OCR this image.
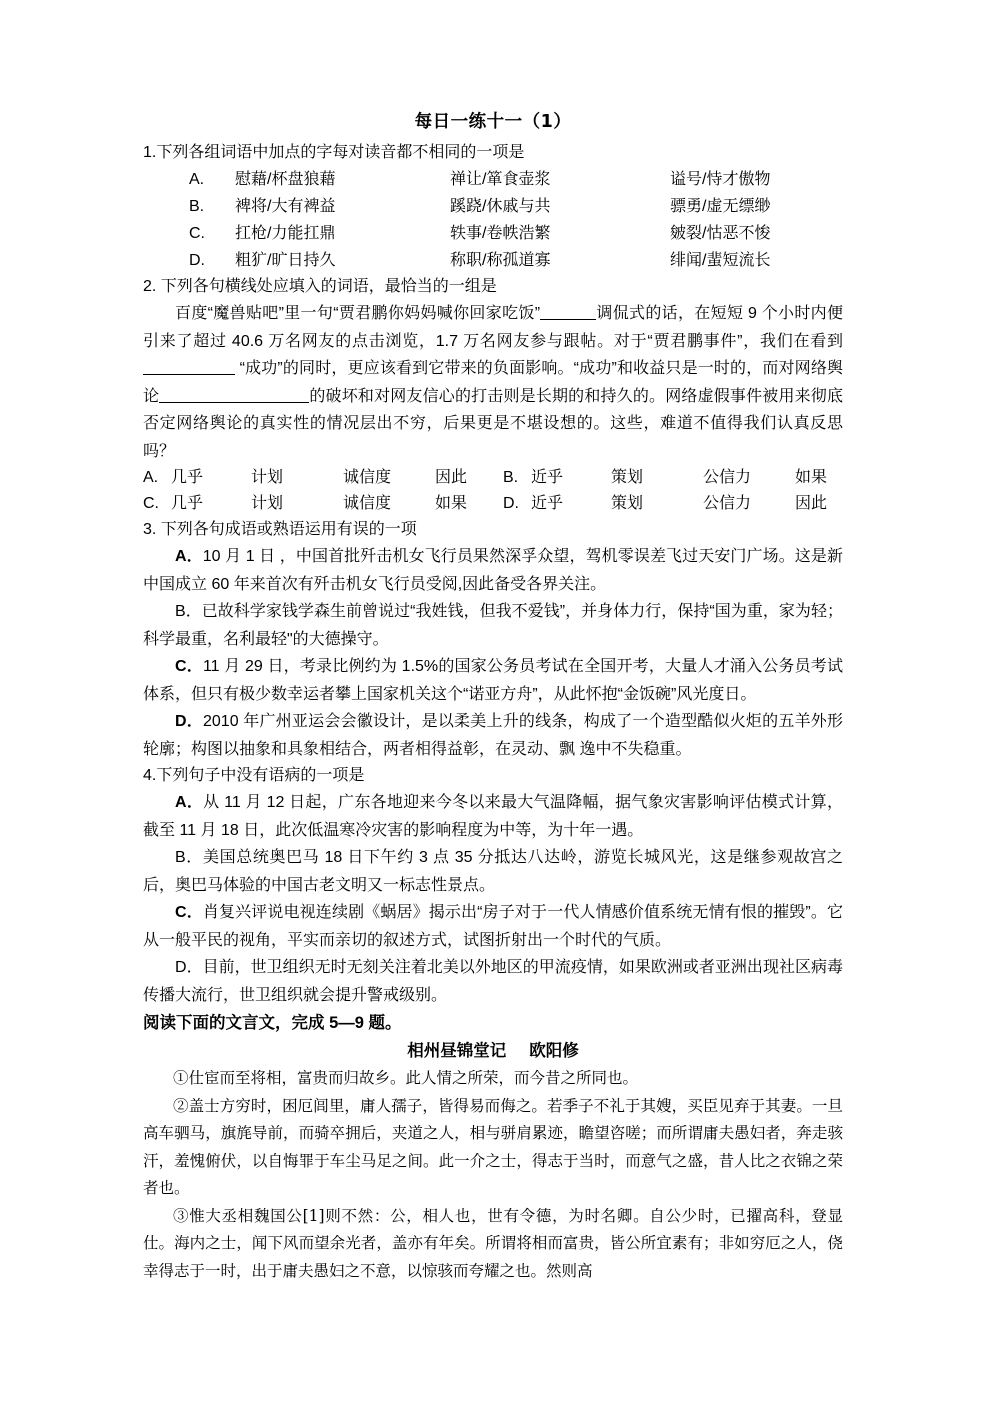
每日一练十一（1）
1.下列各组词语中加点的字每对读音都不相同的一项是
A.	慰藉/杯盘狼藉	禅让/箪食壶浆	谥号/恃才傲物
B.	裨将/大有裨益	蹊跷/休戚与共	骠勇/虚无缥缈
C.	扛枪/力能扛鼎	轶事/卷帙浩繁	皴裂/怙恶不悛
D.	粗犷/旷日持久	称职/称孤道寡	绯闻/蜚短流长
2. 下列各句横线处应填入的词语，最恰当的一组是
百度“魔兽贴吧”里一句“贾君鹏你妈妈喊你回家吃饭”	调侃式的话，在短短 9 个小时内便引来了超过 40.6 万名网友的点击浏览，1.7 万名网友参与跟帖。对于“贾君鹏事件”，我们在看到 “成功”的同时，更应该看到它带来的负面影响。“成功”和收益只是一时的，而对网络舆论	的破坏和对网友信心的打击则是长期的和持久的。网络虚假事件被用来彻底否定网络舆论的真实性的情况层出不穷，后果更是不堪设想的。这些，难道不值得我们认真反思吗？
A.	几乎	计划	诚信度	因此	B.	近乎	策划	公信力	如果
C.	几乎	计划	诚信度	如果	D.	近乎	策划	公信力	因此
3. 下列各句成语或熟语运用有误的一项
A．10 月 1 日 ，中国首批歼击机女飞行员果然深孚众望，驾机零误差飞过天安门广场。这是新中国成立 60 年来首次有歼击机女飞行员受阅,因此备受各界关注。
B．已故科学家钱学森生前曾说过“我姓钱，但我不爱钱”，并身体力行，保持“国为重，家为轻；科学最重，名利最轻"的大德操守。
C．11 月 29 日，考录比例约为 1.5%的国家公务员考试在全国开考，大量人才涌入公务员考试体系，但只有极少数幸运者攀上国家机关这个“诺亚方舟”，从此怀抱“金饭碗”风光度日。
D．2010 年广州亚运会会徽设计，是以柔美上升的线条，构成了一个造型酷似火炬的五羊外形轮廓；构图以抽象和具象相结合，两者相得益彰，在灵动、飘 逸中不失稳重。
4.下列句子中没有语病的一项是
A．从 11 月 12 日起，广东各地迎来今冬以来最大气温降幅，据气象灾害影响评估模式计算，截至 11 月 18 日，此次低温寒冷灾害的影响程度为中等，为十年一遇。
B．美国总统奥巴马 18 日下午约 3 点 35 分抵达八达岭，游览长城风光，这是继参观故宫之后，奥巴马体验的中国古老文明又一标志性景点。
C．肖复兴评说电视连续剧《蜗居》揭示出“房子对于一代人情感价值系统无情有恨的摧毁”。它从一般平民的视角，平实而亲切的叙述方式，试图折射出一个时代的气质。
D．目前，世卫组织无时无刻关注着北美以外地区的甲流疫情，如果欧洲或者亚洲出现社区病毒传播大流行，世卫组织就会提升警戒级别。
阅读下面的文言文，完成 5—9 题。
相州昼锦堂记 欧阳修
①仕宦而至将相，富贵而归故乡。此人情之所荣，而今昔之所同也。
②盖士方穷时，困厄闾里，庸人孺子，皆得易而侮之。若季子不礼于其嫂，买臣见弃于其妻。一旦高车驷马，旗旄导前，而骑卒拥后，夹道之人，相与骈肩累迹，瞻望咨嗟；而所谓庸夫愚妇者，奔走骇汗，羞愧俯伏，以自悔罪于车尘马足之间。此一介之士，得志于当时，而意气之盛，昔人比之衣锦之荣者也。
③惟大丞相魏国公[1]则不然：公，相人也，世有令德，为时名卿。自公少时，已擢高科，登显仕。海内之士，闻下风而望余光者，盖亦有年矣。所谓将相而富贵，皆公所宜素有；非如穷厄之人，侥幸得志于一时，出于庸夫愚妇之不意，以惊骇而夸耀之也。然则高
